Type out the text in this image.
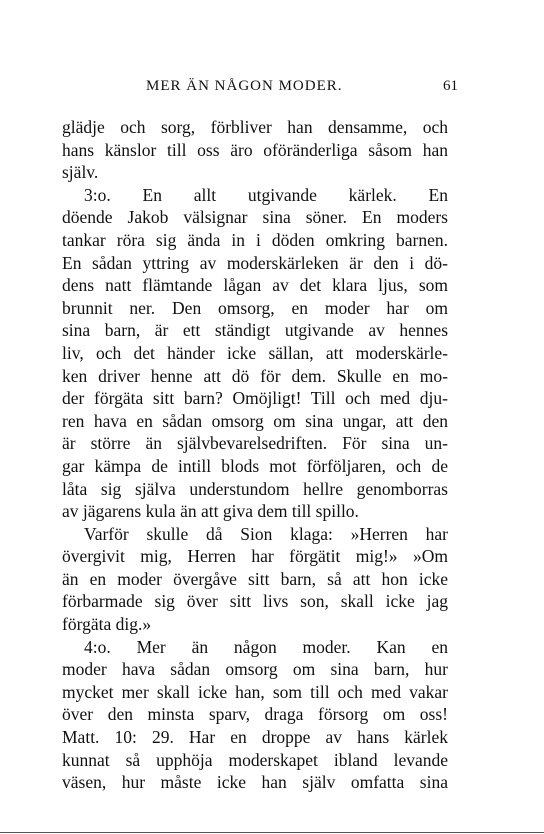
MER ÄN NÅGON MODER.	61
glädje och sorg, förbliver han densamme, och
hans känslor till oss äro oföränderliga såsom han
själv.
3:o. En allt utgivande kärlek. En
döende Jakob välsignar sina söner. En moders
tankar röra sig ända in i döden omkring barnen.
En sådan yttring av moderskärleken är den i dö-
dens natt flämtande lågan av det klara ljus, som
brunnit ner. Den omsorg, en moder har om
sina barn, är ett ständigt utgivande av hennes
liv, och det händer icke sällan, att moderskärle-
ken driver henne att dö för dem. Skulle en mo-
der förgäta sitt barn? Omöjligt! Till och med dju-
ren hava en sådan omsorg om sina ungar, att den
är större än självbevarelsedriften. För sina un-
gar kämpa de intill blods mot förföljaren, och de
låta sig själva understundom hellre genomborras
av jägarens kula än att giva dem till spillo.
Varför skulle då Sion klaga: »Herren har
övergivit mig, Herren har förgätit mig!» »Om
än en moder övergåve sitt barn, så att hon icke
förbarmade sig över sitt livs son, skall icke jag
förgäta dig.»
4:o. Mer än någon moder. Kan en
moder hava sådan omsorg om sina barn, hur
mycket mer skall icke han, som till och med vakar
över den minsta sparv, draga försorg om oss!
Matt. 10: 29. Har en droppe av hans kärlek
kunnat så upphöja moderskapet ibland levande
väsen, hur måste icke han själv omfatta sina
